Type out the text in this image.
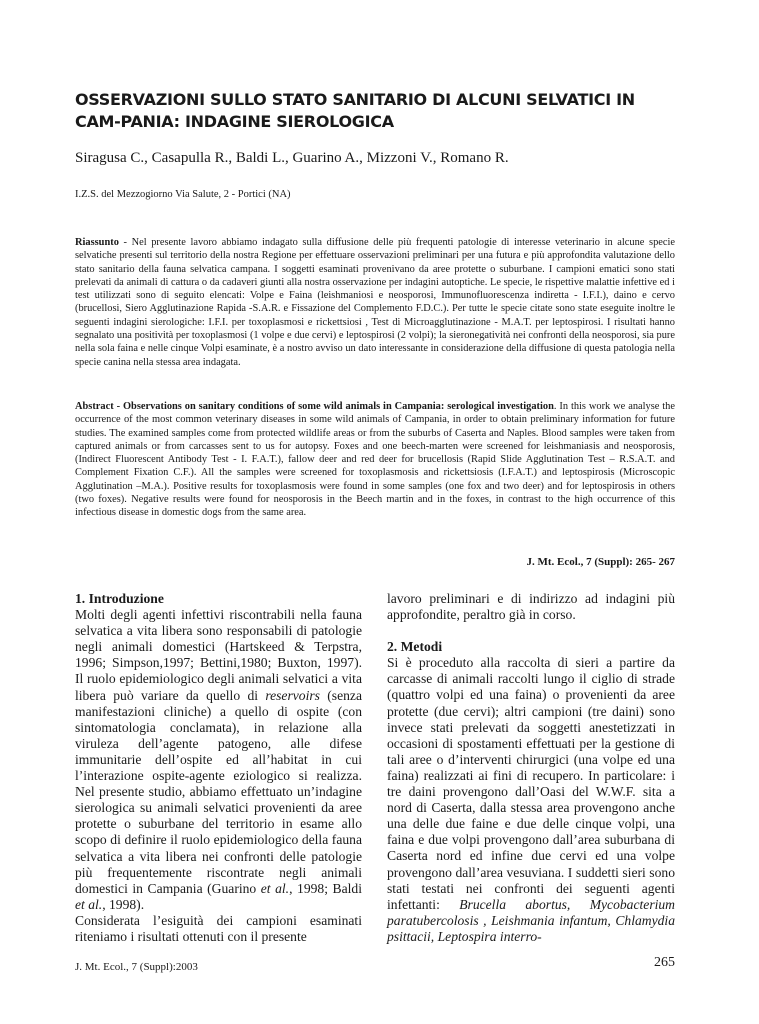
OSSERVAZIONI SULLO STATO SANITARIO DI ALCUNI SELVATICI IN CAM-PANIA: INDAGINE SIEROLOGICA

Siragusa C., Casapulla R., Baldi L., Guarino A., Mizzoni V., Romano R.

I.Z.S. del Mezzogiorno Via Salute, 2 - Portici (NA)

Riassunto - Nel presente lavoro abbiamo indagato sulla diffusione delle più frequenti patologie di interesse veterinario in alcune specie selvatiche presenti sul territorio della nostra Regione per effettuare osservazioni preliminari per una futura e più approfondita valutazione dello stato sanitario della fauna selvatica campana. I soggetti esaminati provenivano da aree protette o suburbane. I campioni ematici sono stati prelevati da animali di cattura o da cadaveri giunti alla nostra osservazione per indagini autoptiche. Le specie, le rispettive malattie infettive ed i test utilizzati sono di seguito elencati: Volpe e Faina (leishmaniosi e neosporosi, Immunofluorescenza indiretta - I.F.I.), daino e cervo (brucellosi, Siero Agglutinazione Rapida -S.A.R. e Fissazione del Complemento F.D.C.). Per tutte le specie citate sono state eseguite inoltre le seguenti indagini sierologiche: I.F.I. per toxoplasmosi e rickettsiosi , Test di Microagglutinazione - M.A.T. per leptospirosi. I risultati hanno segnalato una positività per toxoplasmosi (1 volpe e due cervi) e leptospirosi (2 volpi); la sieronegatività nei confronti della neosporosi, sia pure nella sola faina e nelle cinque Volpi esaminate, è a nostro avviso un dato interessante in considerazione della diffusione di questa patologia nella specie canina nella stessa area indagata.

Abstract - Observations on sanitary conditions of some wild animals in Campania: serological investigation. In this work we analyse the occurrence of the most common veterinary diseases in some wild animals of Campania, in order to obtain preliminary information for future studies. The examined samples come from protected wildlife areas or from the suburbs of Caserta and Naples. Blood samples were taken from captured animals or from carcasses sent to us for autopsy. Foxes and one beech-marten were screened for leishmaniasis and neosporosis, (Indirect Fluorescent Antibody Test - I. F.A.T.), fallow deer and red deer for brucellosis (Rapid Slide Agglutination Test – R.S.A.T. and Complement Fixation C.F.). All the samples were screened for toxoplasmosis and rickettsiosis (I.F.A.T.) and leptospirosis (Microscopic Agglutination –M.A.). Positive results for toxoplasmosis were found in some samples (one fox and two deer) and for leptospirosis in others (two foxes). Negative results were found for neosporosis in the Beech martin and in the foxes, in contrast to the high occurrence of this infectious disease in domestic dogs from the same area.

J. Mt. Ecol., 7 (Suppl): 265- 267

1. Introduzione

Molti degli agenti infettivi riscontrabili nella fauna selvatica a vita libera sono responsabili di patologie negli animali domestici (Hartskeed & Terpstra, 1996; Simpson,1997; Bettini,1980; Buxton, 1997). Il ruolo epidemiologico degli animali selvatici a vita libera può variare da quello di reservoirs (senza manifestazioni cliniche) a quello di ospite (con sintomatologia conclamata), in relazione alla viruleza dell’agente patogeno, alle difese immunitarie dell’ospite ed all’habitat in cui l’interazione ospite-agente eziologico si realizza. Nel presente studio, abbiamo effettuato un’indagine sierologica su animali selvatici provenienti da aree protette o suburbane del territorio in esame allo scopo di definire il ruolo epidemiologico della fauna selvatica a vita libera nei confronti delle patologie più frequentemente riscontrate negli animali domestici in Campania (Guarino et al., 1998; Baldi et al., 1998).

Considerata l’esiguità dei campioni esaminati riteniamo i risultati ottenuti con il presente

lavoro preliminari e di indirizzo ad indagini più approfondite, peraltro già in corso.

2. Metodi

Si è proceduto alla raccolta di sieri a partire da carcasse di animali raccolti lungo il ciglio di strade (quattro volpi ed una faina) o provenienti da aree protette (due cervi); altri campioni (tre daini) sono invece stati prelevati da soggetti anestetizzati in occasioni di spostamenti effettuati per la gestione di tali aree o d’interventi chirurgici (una volpe ed una faina) realizzati ai fini di recupero. In particolare: i tre daini provengono dall’Oasi del W.W.F. sita a nord di Caserta, dalla stessa area provengono anche una delle due faine e due delle cinque volpi, una faina e due volpi provengono dall’area suburbana di Caserta nord ed infine due cervi ed una volpe provengono dall’area vesuviana. I suddetti sieri sono stati testati nei confronti dei seguenti agenti infettanti: Brucella abortus, Mycobacterium paratubercolosis , Leishmania infantum, Chlamydia psittacii, Leptospira interro-

J. Mt. Ecol., 7 (Suppl):2003	265
